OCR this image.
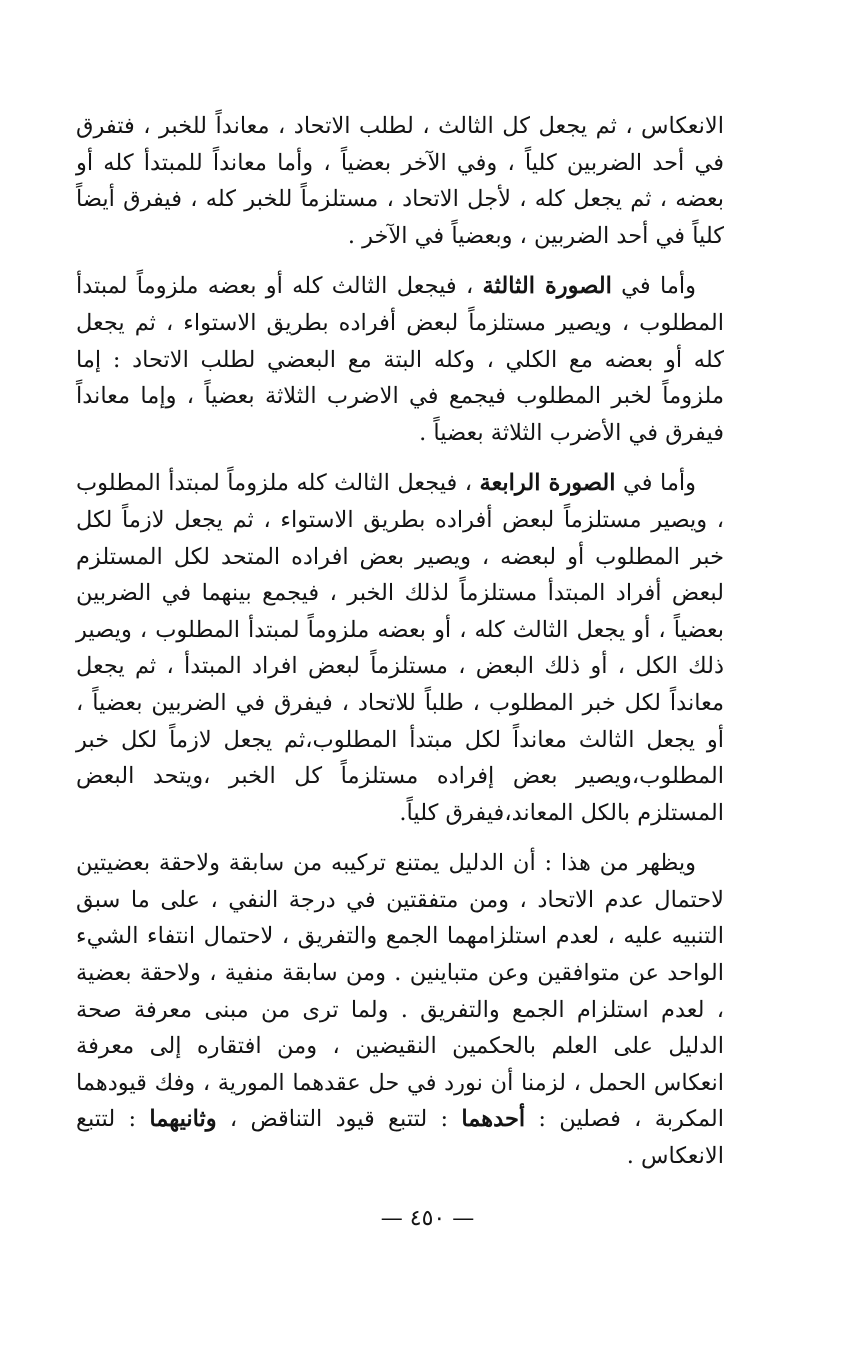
الانعكاس ، ثم يجعل كل الثالث ، لطلب الاتحاد ، معانداً للخبر ، فتفرق في أحد الضربين كلياً ، وفي الآخر بعضياً ، وأما معانداً للمبتدأ كله أو بعضه ، ثم يجعل كله ، لأجل الاتحاد ، مستلزماً للخبر كله ، فيفرق أيضاً كلياً في أحد الضربين ، وبعضياً في الآخر .

وأما في الصورة الثالثة ، فيجعل الثالث كله أو بعضه ملزوماً لمبتدأ المطلوب ، ويصير مستلزماً لبعض أفراده بطريق الاستواء ، ثم يجعل كله أو بعضه مع الكلي ، وكله البتة مع البعضي لطلب الاتحاد : إما ملزوماً لخبر المطلوب فيجمع في الاضرب الثلاثة بعضياً ، وإما معانداً فيفرق في الأضرب الثلاثة بعضياً .

وأما في الصورة الرابعة ، فيجعل الثالث كله ملزوماً لمبتدأ المطلوب ، ويصير مستلزماً لبعض أفراده بطريق الاستواء ، ثم يجعل لازماً لكل خبر المطلوب أو لبعضه ، ويصير بعض افراده المتحد لكل المستلزم لبعض أفراد المبتدأ مستلزماً لذلك الخبر ، فيجمع بينهما في الضربين بعضياً ، أو يجعل الثالث كله ، أو بعضه ملزوماً لمبتدأ المطلوب ، ويصير ذلك الكل ، أو ذلك البعض ، مستلزماً لبعض افراد المبتدأ ، ثم يجعل معانداً لكل خبر المطلوب ، طلباً للاتحاد ، فيفرق في الضربين بعضياً ، أو يجعل الثالث معانداً لكل مبتدأ المطلوب،ثم يجعل لازماً لكل خبر المطلوب،ويصير بعض إفراده مستلزماً كل الخبر ،ويتحد البعض المستلزم بالكل المعاند،فيفرق كلياً.

ويظهر من هذا : أن الدليل يمتنع تركيبه من سابقة ولاحقة بعضيتين لاحتمال عدم الاتحاد ، ومن متفقتين في درجة النفي ، على ما سبق التنبيه عليه ، لعدم استلزامهما الجمع والتفريق ، لاحتمال انتفاء الشيء الواحد عن متوافقين وعن متباينين . ومن سابقة منفية ، ولاحقة بعضية ، لعدم استلزام الجمع والتفريق . ولما ترى من مبنى معرفة صحة الدليل على العلم بالحكمين النقيضين ، ومن افتقاره إلى معرفة انعكاس الحمل ، لزمنا أن نورد في حل عقدهما المورية ، وفك قيودهما المكربة ، فصلين : أحدهما : لتتبع قيود التناقض ، وثانيهما : لتتبع الانعكاس .

— ٤٥٠ —
